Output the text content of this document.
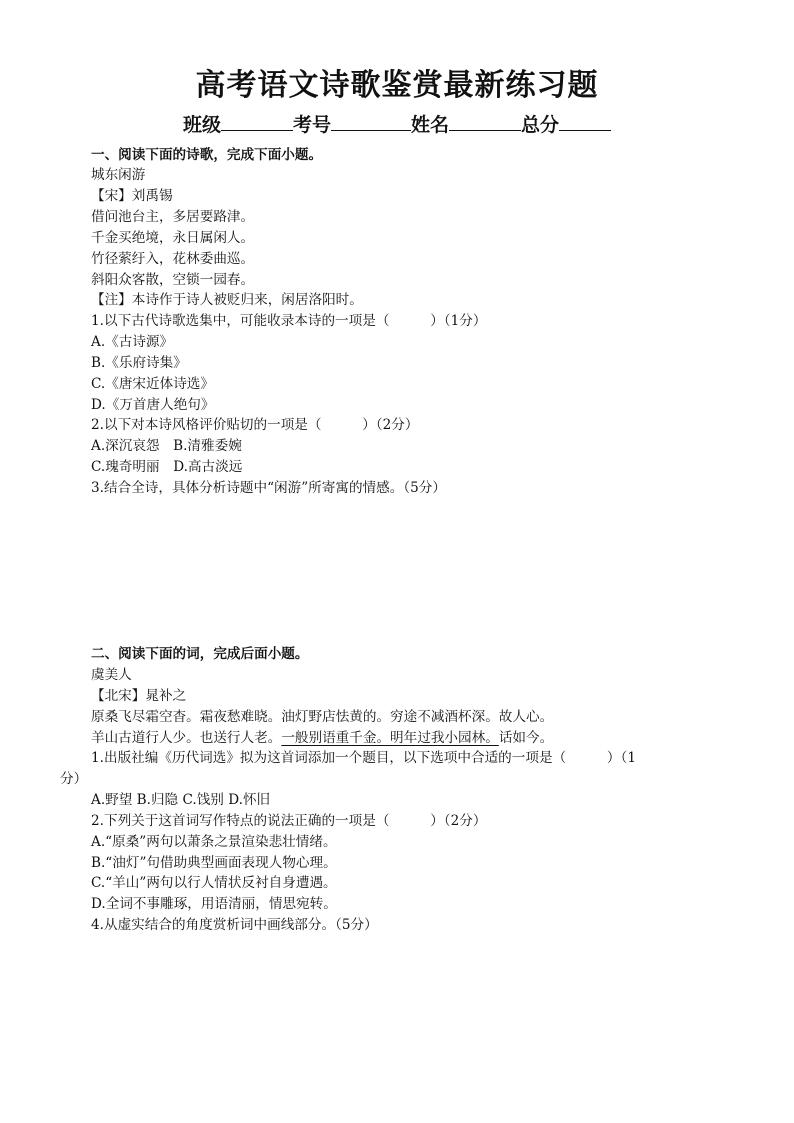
高考语文诗歌鉴赏最新练习题
班级	考号	姓名	总分
一、阅读下面的诗歌，完成下面小题。
城东闲游
【宋】刘禹锡
借问池台主，多居要路津。
千金买绝境，永日属闲人。
竹径萦纡入，花林委曲巡。
斜阳众客散，空锁一园春。
【注】本诗作于诗人被贬归来，闲居洛阳时。
1.以下古代诗歌选集中，可能收录本诗的一项是（　　　）（1分）
A.《古诗源》
B.《乐府诗集》
C.《唐宋近体诗选》
D.《万首唐人绝句》
2.以下对本诗风格评价贴切的一项是（　　　）（2分）
A.深沉哀怨　B.清雅委婉
C.瑰奇明丽　D.高古淡远
3.结合全诗，具体分析诗题中“闲游”所寄寓的情感。（5分）
二、阅读下面的词，完成后面小题。
虞美人
【北宋】晁补之
原桑飞尽霜空杳。霜夜愁难晓。油灯野店怯黄的。穷途不减酒杯深。故人心。
羊山古道行人少。也送行人老。一般别语重千金。明年过我小园林。话如今。
1.出版社编《历代词选》拟为这首词添加一个题目，以下选项中合适的一项是（　　　）（1
分）
A.野望 B.归隐 C.饯别 D.怀旧
2.下列关于这首词写作特点的说法正确的一项是（　　　）（2分）
A.“原桑”两句以萧条之景渲染悲壮情绪。
B.“油灯”句借助典型画面表现人物心理。
C.“羊山”两句以行人情状反衬自身遭遇。
D.全词不事雕琢，用语清丽，情思宛转。
4.从虚实结合的角度赏析词中画线部分。（5分）
